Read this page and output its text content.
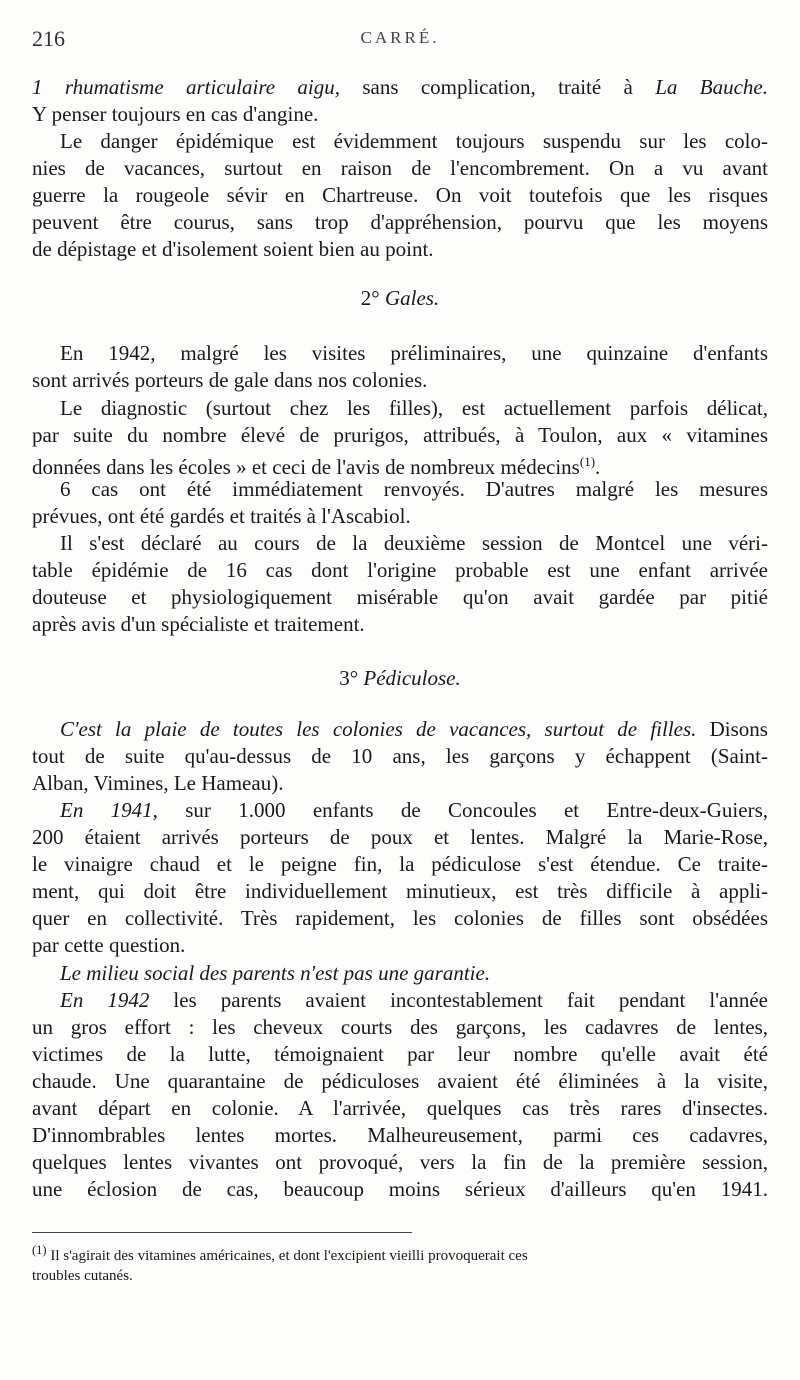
216	CARRÉ.
1 rhumatisme articulaire aigu, sans complication, traité à La Bauche.
Y penser toujours en cas d'angine.
Le danger épidémique est évidemment toujours suspendu sur les colo-
nies de vacances, surtout en raison de l'encombrement. On a vu avant
guerre la rougeole sévir en Chartreuse. On voit toutefois que les risques
peuvent être courus, sans trop d'appréhension, pourvu que les moyens
de dépistage et d'isolement soient bien au point.
2° Gales.
En 1942, malgré les visites préliminaires, une quinzaine d'enfants
sont arrivés porteurs de gale dans nos colonies.
Le diagnostic (surtout chez les filles), est actuellement parfois délicat,
par suite du nombre élevé de prurigos, attribués, à Toulon, aux « vitamines
données dans les écoles » et ceci de l'avis de nombreux médecins$^{(1)}$.
6 cas ont été immédiatement renvoyés. D'autres malgré les mesures
prévues, ont été gardés et traités à l'Ascabiol.
Il s'est déclaré au cours de la deuxième session de Montcel une véri-
table épidémie de 16 cas dont l'origine probable est une enfant arrivée
douteuse et physiologiquement misérable qu'on avait gardée par pitié
après avis d'un spécialiste et traitement.
3° Pédiculose.
C'est la plaie de toutes les colonies de vacances, surtout de filles. Disons
tout de suite qu'au-dessus de 10 ans, les garçons y échappent (Saint-
Alban, Vimines, Le Hameau).
En 1941, sur 1.000 enfants de Concoules et Entre-deux-Guiers,
200 étaient arrivés porteurs de poux et lentes. Malgré la Marie-Rose,
le vinaigre chaud et le peigne fin, la pédiculose s'est étendue. Ce traite-
ment, qui doit être individuellement minutieux, est très difficile à appli-
quer en collectivité. Très rapidement, les colonies de filles sont obsédées
par cette question.
Le milieu social des parents n'est pas une garantie.
En 1942 les parents avaient incontestablement fait pendant l'année
un gros effort : les cheveux courts des garçons, les cadavres de lentes,
victimes de la lutte, témoignaient par leur nombre qu'elle avait été
chaude. Une quarantaine de pédiculoses avaient été éliminées à la visite,
avant départ en colonie. A l'arrivée, quelques cas très rares d'insectes.
D'innombrables lentes mortes. Malheureusement, parmi ces cadavres,
quelques lentes vivantes ont provoqué, vers la fin de la première session,
une éclosion de cas, beaucoup moins sérieux d'ailleurs qu'en 1941.
$^{(1)}$ Il s'agirait des vitamines américaines, et dont l'excipient vieilli provoquerait ces
troubles cutanés.
